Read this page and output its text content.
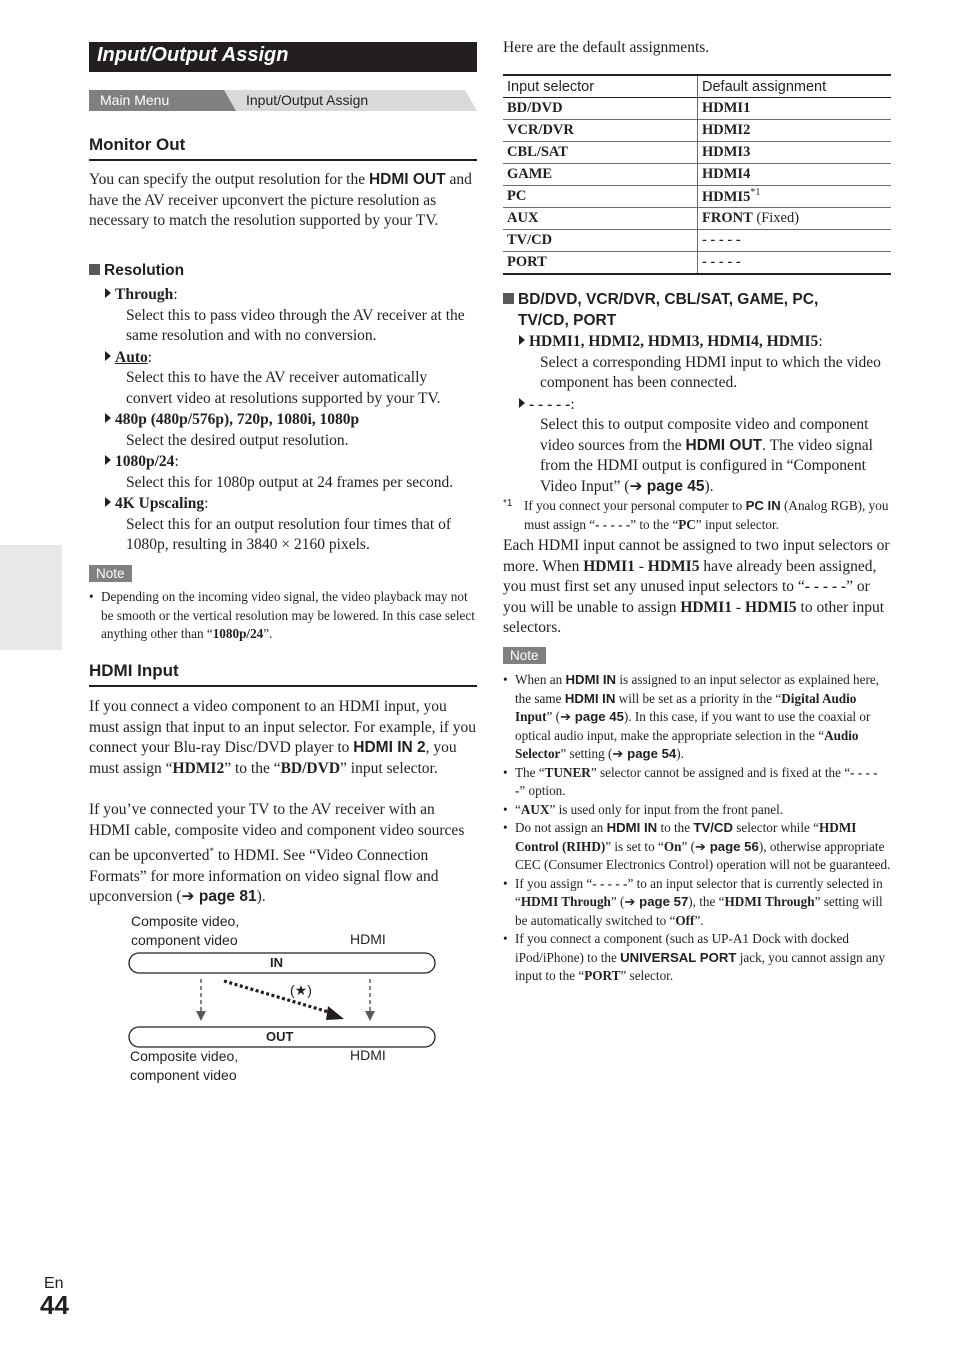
Input/Output Assign
Main Menu	Input/Output Assign
Monitor Out
You can specify the output resolution for the HDMI OUT and have the AV receiver upconvert the picture resolution as necessary to match the resolution supported by your TV.
Resolution
Through:
Select this to pass video through the AV receiver at the same resolution and with no conversion.
Auto:
Select this to have the AV receiver automatically convert video at resolutions supported by your TV.
480p (480p/576p), 720p, 1080i, 1080p
Select the desired output resolution.
1080p/24:
Select this for 1080p output at 24 frames per second.
4K Upscaling:
Select this for an output resolution four times that of 1080p, resulting in 3840 × 2160 pixels.
Note
• Depending on the incoming video signal, the video playback may not be smooth or the vertical resolution may be lowered. In this case select anything other than “1080p/24”.
HDMI Input
If you connect a video component to an HDMI input, you must assign that input to an input selector. For example, if you connect your Blu-ray Disc/DVD player to HDMI IN 2, you must assign “HDMI2” to the “BD/DVD” input selector.
If you’ve connected your TV to the AV receiver with an HDMI cable, composite video and component video sources can be upconverted* to HDMI. See “Video Connection Formats” for more information on video signal flow and upconversion (➔ page 81).
Composite video,
component video	HDMI
IN
(★)
OUT
Composite video,
component video
HDMI
Here are the default assignments.
Input selector	Default assignment
BD/DVD	HDMI1
VCR/DVR	HDMI2
CBL/SAT	HDMI3
GAME	HDMI4
PC	HDMI5$^{*1}$
AUX	FRONT (Fixed)
TV/CD	- - - - -
PORT	- - - - -
BD/DVD, VCR/DVR, CBL/SAT, GAME, PC,
TV/CD, PORT
HDMI1, HDMI2, HDMI3, HDMI4, HDMI5:
Select a corresponding HDMI input to which the video component has been connected.
- - - - -:
Select this to output composite video and component video sources from the HDMI OUT. The video signal from the HDMI output is configured in “Component Video Input” (➔ page 45).
*1 If you connect your personal computer to PC IN (Analog RGB), you must assign “- - - - -” to the “PC” input selector.
Each HDMI input cannot be assigned to two input selectors or more. When HDMI1 - HDMI5 have already been assigned, you must first set any unused input selectors to “- - - - -” or you will be unable to assign HDMI1 - HDMI5 to other input selectors.
Note
• When an HDMI IN is assigned to an input selector as explained here, the same HDMI IN will be set as a priority in the “Digital Audio Input” (➔ page 45). In this case, if you want to use the coaxial or optical audio input, make the appropriate selection in the “Audio Selector” setting (➔ page 54).
• The “TUNER” selector cannot be assigned and is fixed at the “- - - - -” option.
• “AUX” is used only for input from the front panel.
• Do not assign an HDMI IN to the TV/CD selector while “HDMI Control (RIHD)” is set to “On” (➔ page 56), otherwise appropriate CEC (Consumer Electronics Control) operation will not be guaranteed.
• If you assign “- - - - -” to an input selector that is currently selected in “HDMI Through” (➔ page 57), the “HDMI Through” setting will be automatically switched to “Off”.
• If you connect a component (such as UP-A1 Dock with docked iPod/iPhone) to the UNIVERSAL PORT jack, you cannot assign any input to the “PORT” selector.
En
44
